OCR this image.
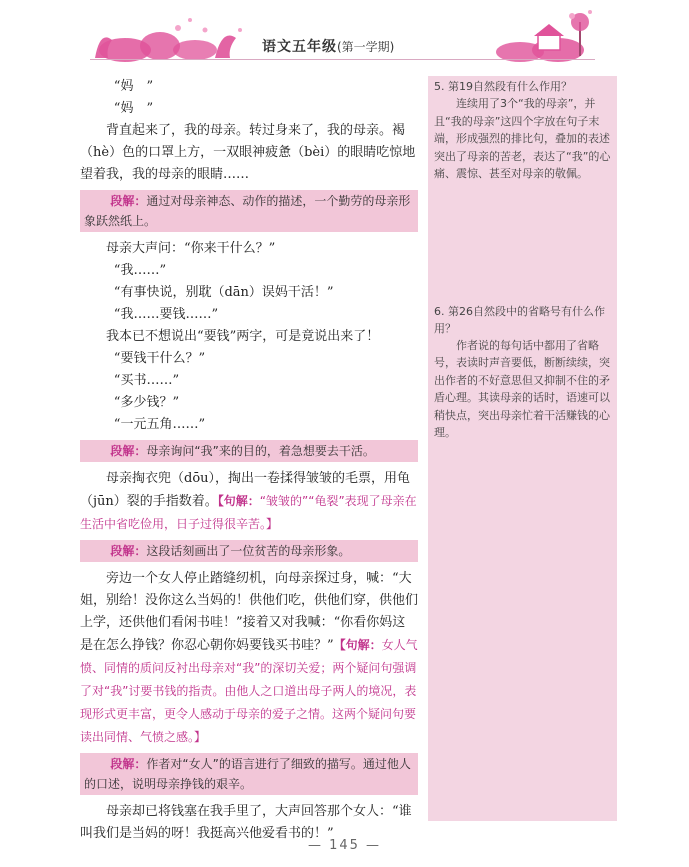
语文五年级(第一学期)

“妈　”

“妈　”

背直起来了，我的母亲。转过身来了，我的母亲。褐（hè）色的口罩上方，一双眼神疲惫（bèi）的眼睛吃惊地望着我，我的母亲的眼睛……

段解：通过对母亲神态、动作的描述，一个勤劳的母亲形象跃然纸上。

母亲大声问：“你来干什么？”

“我……”

“有事快说，别耽（dān）误妈干活！”

“我……要钱……”

我本已不想说出“要钱”两字，可是竟说出来了！

“要钱干什么？”

“买书……”

“多少钱？”

“一元五角……”

段解：母亲询问“我”来的目的，着急想要去干活。

母亲掏衣兜（dōu），掏出一卷揉得皱皱的毛票，用龟（jūn）裂的手指数着。【句解：“皱皱的”“龟裂”表现了母亲在生活中省吃俭用，日子过得很辛苦。】

段解：这段话刻画出了一位贫苦的母亲形象。

旁边一个女人停止踏缝纫机，向母亲探过身，喊：“大姐，别给！没你这么当妈的！供他们吃，供他们穿，供他们上学，还供他们看闲书哇！”接着又对我喊：“你看你妈这是在怎么挣钱？你忍心朝你妈要钱买书哇？”【句解：女人气愤、同情的质问反衬出母亲对“我”的深切关爱；两个疑问句强调了对“我”讨要书钱的指责。由他人之口道出母子两人的境况，表现形式更丰富，更令人感动于母亲的爱子之情。这两个疑问句要读出同情、气愤之感。】

段解：作者对“女人”的语言进行了细致的描写。通过他人的口述，说明母亲挣钱的艰辛。

母亲却已将钱塞在我手里了，大声回答那个女人：“谁叫我们是当妈的呀！我挺高兴他爱看书的！”

5. 第19自然段有什么作用？

连续用了3个“我的母亲”，并且“我的母亲”这四个字放在句子末端，形成强烈的排比句，叠加的表述突出了母亲的苦老，表达了“我”的心痛、震惊、甚至对母亲的敬佩。

6. 第26自然段中的省略号有什么作用？

作者说的每句话中都用了省略号，表读时声音要低，断断续续，突出作者的不好意思但又抑制不住的矛盾心理。其读母亲的话时，语速可以稍快点，突出母亲忙着干活赚钱的心理。

— 145 —
